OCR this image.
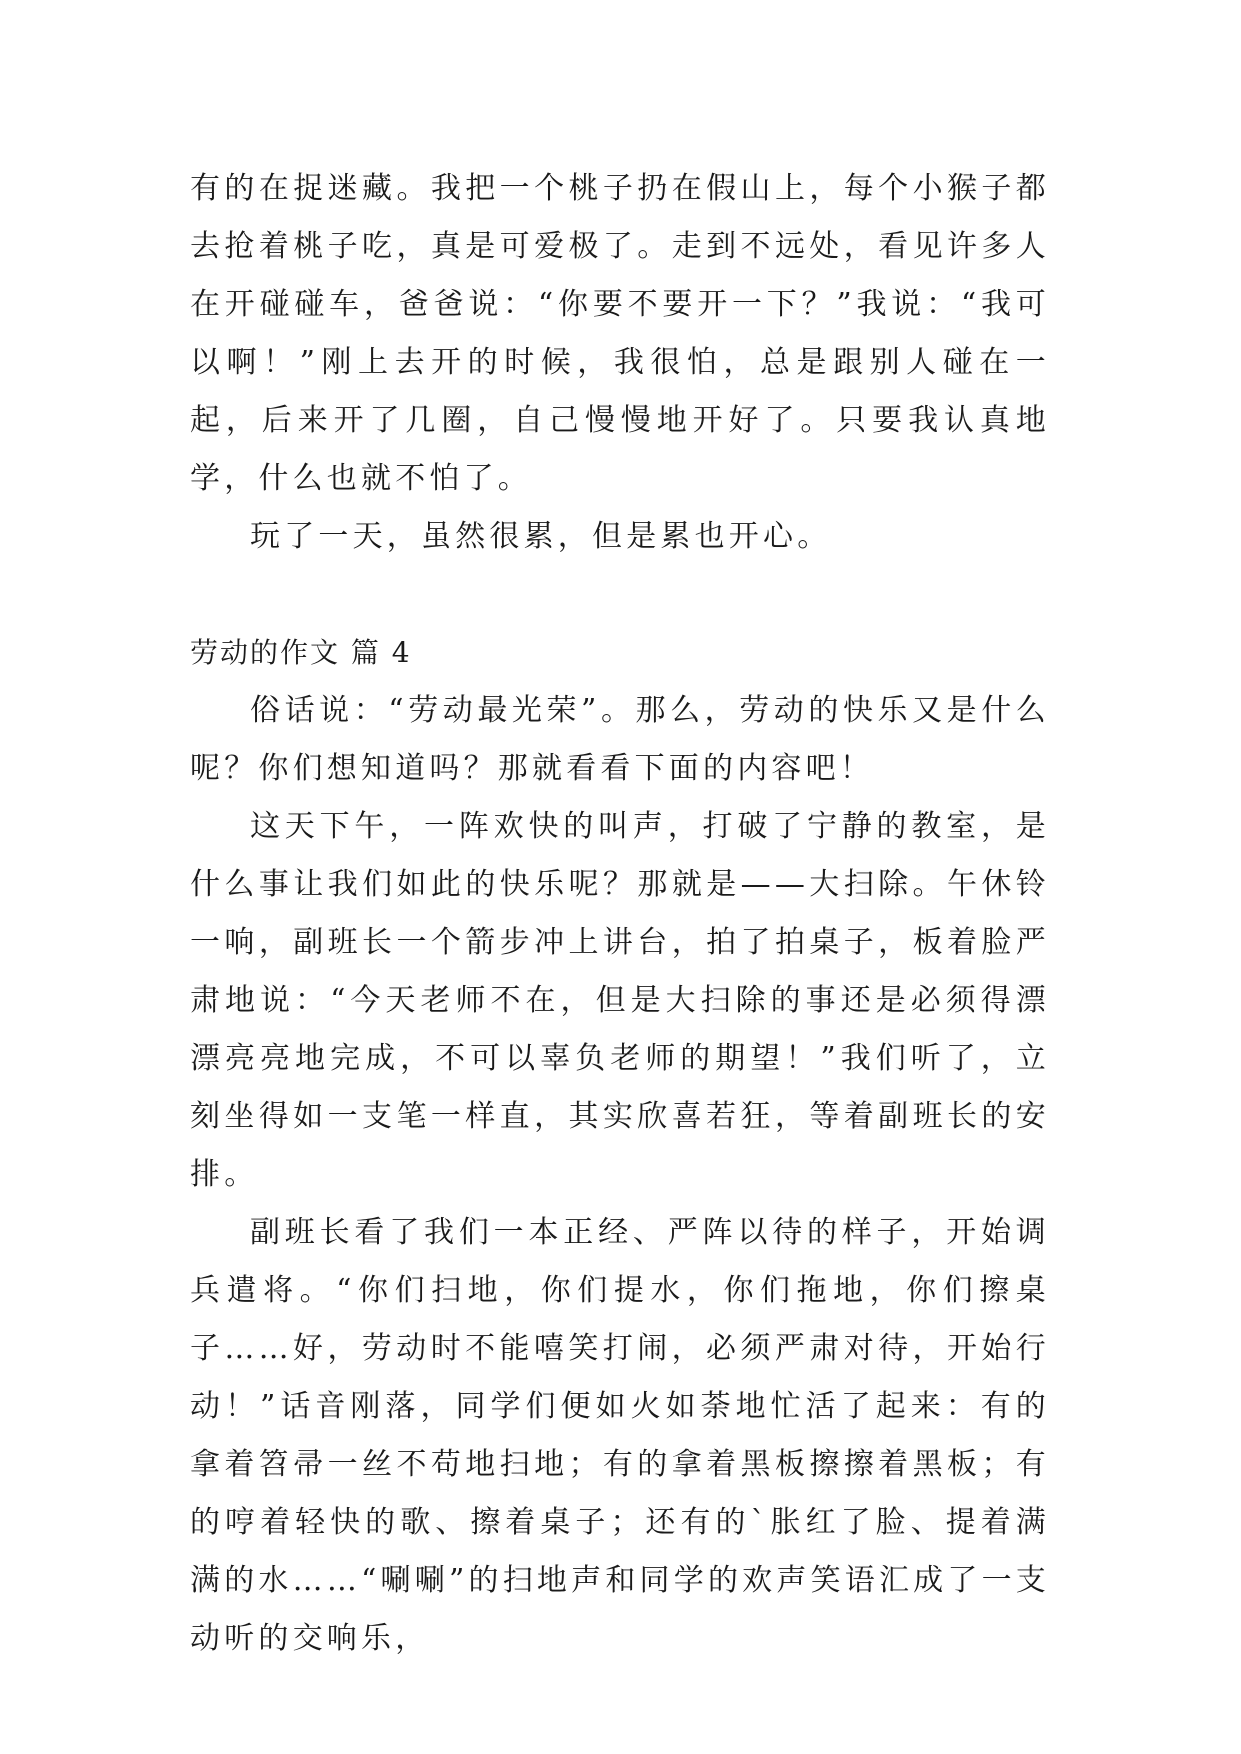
有的在捉迷藏。我把一个桃子扔在假山上，每个小猴子都去抢着桃子吃，真是可爱极了。走到不远处，看见许多人在开碰碰车，爸爸说：“你要不要开一下？”我说：“我可以啊！”刚上去开的时候，我很怕，总是跟别人碰在一起，后来开了几圈，自己慢慢地开好了。只要我认真地学，什么也就不怕了。

玩了一天，虽然很累，但是累也开心。

劳动的作文 篇 4

俗话说：“劳动最光荣”。那么，劳动的快乐又是什么呢？你们想知道吗？那就看看下面的内容吧！

这天下午，一阵欢快的叫声，打破了宁静的教室，是什么事让我们如此的快乐呢？那就是——大扫除。午休铃一响，副班长一个箭步冲上讲台，拍了拍桌子，板着脸严肃地说：“今天老师不在，但是大扫除的事还是必须得漂漂亮亮地完成，不可以辜负老师的期望！”我们听了，立刻坐得如一支笔一样直，其实欣喜若狂，等着副班长的安排。

副班长看了我们一本正经、严阵以待的样子，开始调兵遣将。“你们扫地，你们提水，你们拖地，你们擦桌子……好，劳动时不能嘻笑打闹，必须严肃对待，开始行动！”话音刚落，同学们便如火如荼地忙活了起来：有的拿着笤帚一丝不苟地扫地；有的拿着黑板擦擦着黑板；有的哼着轻快的歌、擦着桌子；还有的`胀红了脸、提着满满的水……“唰唰”的扫地声和同学的欢声笑语汇成了一支动听的交响乐，
